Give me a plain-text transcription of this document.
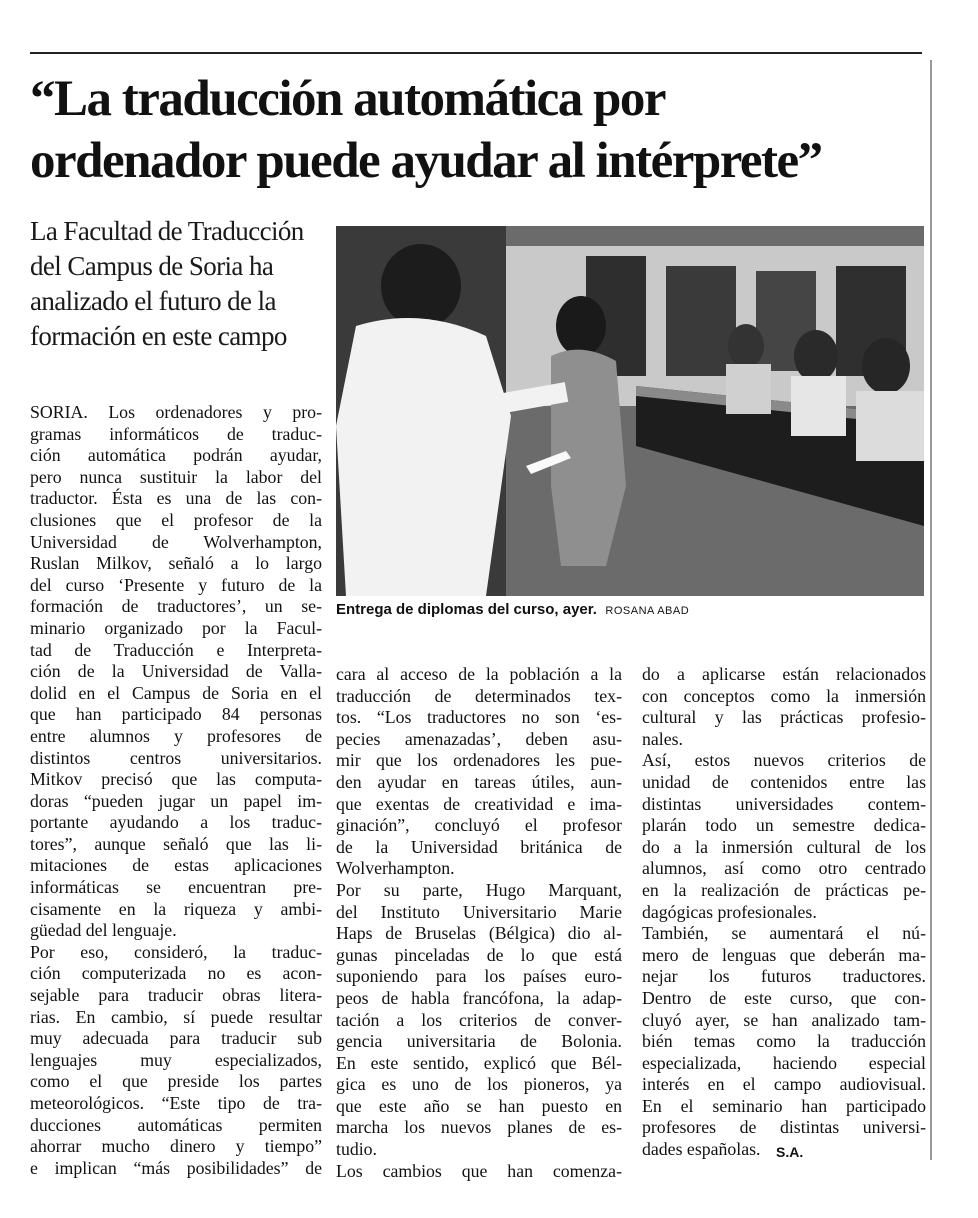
“La traducción automática por
ordenador puede ayudar al intérprete”
La Facultad de Traducción
del Campus de Soria ha
analizado el futuro de la
formación en este campo
Entrega de diplomas del curso, ayer. ROSANA ABAD
SORIA. Los ordenadores y pro-
gramas informáticos de traduc-
ción automática podrán ayudar,
pero nunca sustituir la labor del
traductor. Ésta es una de las con-
clusiones que el profesor de la
Universidad de Wolverhampton,
Ruslan Milkov, señaló a lo largo
del curso ‘Presente y futuro de la
formación de traductores’, un se-
minario organizado por la Facul-
tad de Traducción e Interpreta-
ción de la Universidad de Valla-
dolid en el Campus de Soria en el
que han participado 84 personas
entre alumnos y profesores de
distintos centros universitarios.
Mitkov precisó que las computa-
doras “pueden jugar un papel im-
portante ayudando a los traduc-
tores”, aunque señaló que las li-
mitaciones de estas aplicaciones
informáticas se encuentran pre-
cisamente en la riqueza y ambi-
güedad del lenguaje.
Por eso, consideró, la traduc-
ción computerizada no es acon-
sejable para traducir obras litera-
rias. En cambio, sí puede resultar
muy adecuada para traducir sub
lenguajes muy especializados,
como el que preside los partes
meteorológicos. “Este tipo de tra-
ducciones automáticas permiten
ahorrar mucho dinero y tiempo”
e implican “más posibilidades” de
cara al acceso de la población a la
traducción de determinados tex-
tos. “Los traductores no son ‘es-
pecies amenazadas’, deben asu-
mir que los ordenadores les pue-
den ayudar en tareas útiles, aun-
que exentas de creatividad e ima-
ginación”, concluyó el profesor
de la Universidad británica de
Wolverhampton.
Por su parte, Hugo Marquant,
del Instituto Universitario Marie
Haps de Bruselas (Bélgica) dio al-
gunas pinceladas de lo que está
suponiendo para los países euro-
peos de habla francófona, la adap-
tación a los criterios de conver-
gencia universitaria de Bolonia.
En este sentido, explicó que Bél-
gica es uno de los pioneros, ya
que este año se han puesto en
marcha los nuevos planes de es-
tudio.
Los cambios que han comenza-
do a aplicarse están relacionados
con conceptos como la inmersión
cultural y las prácticas profesio-
nales.
Así, estos nuevos criterios de
unidad de contenidos entre las
distintas universidades contem-
plarán todo un semestre dedica-
do a la inmersión cultural de los
alumnos, así como otro centrado
en la realización de prácticas pe-
dagógicas profesionales.
También, se aumentará el nú-
mero de lenguas que deberán ma-
nejar los futuros traductores.
Dentro de este curso, que con-
cluyó ayer, se han analizado tam-
bién temas como la traducción
especializada, haciendo especial
interés en el campo audiovisual.
En el seminario han participado
profesores de distintas universi-
dades españolas.	S.A.
